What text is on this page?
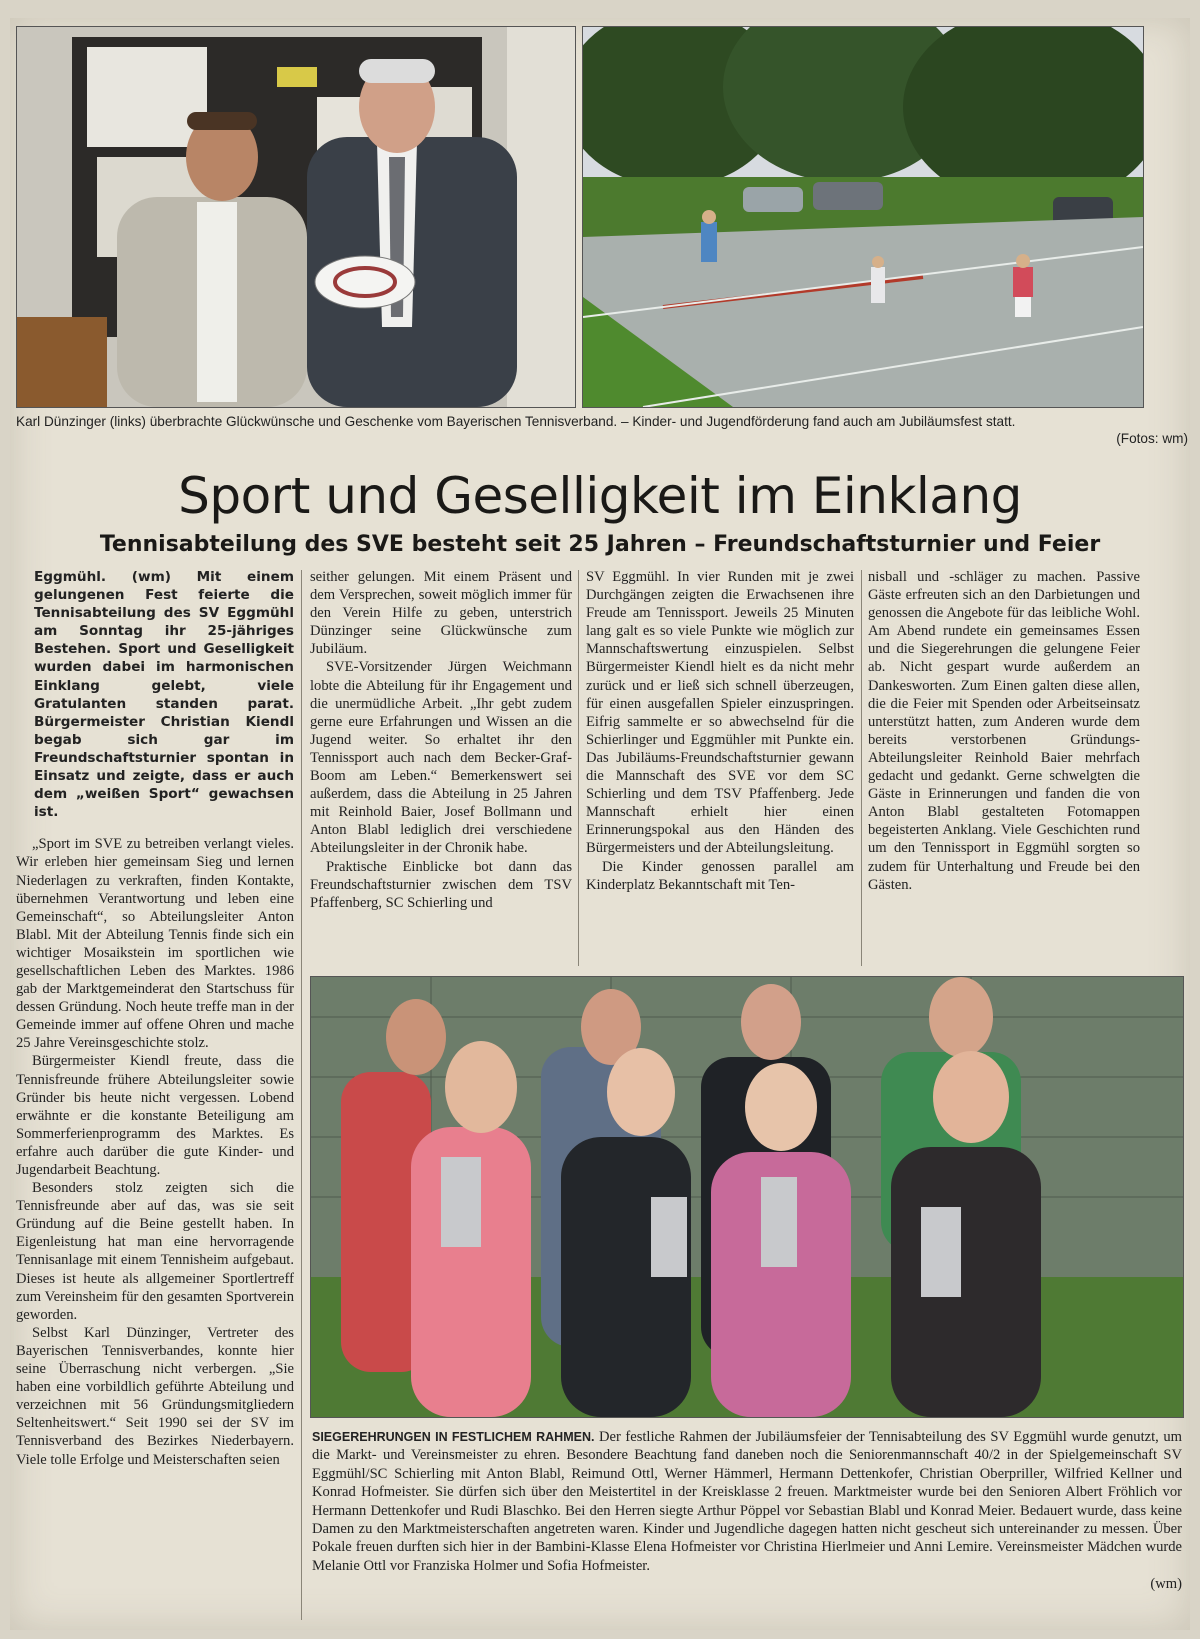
Karl Dünzinger (links) überbrachte Glückwünsche und Geschenke vom Bayerischen Tennisverband. – Kinder- und Jugendförderung fand auch am Jubiläumsfest statt.
(Fotos: wm)
Sport und Geselligkeit im Einklang
Tennisabteilung des SVE besteht seit 25 Jahren – Freundschaftsturnier und Feier

Eggmühl. (wm) Mit einem gelungenen Fest feierte die Tennisabteilung des SV Eggmühl am Sonntag ihr 25-jähriges Bestehen. Sport und Geselligkeit wurden dabei im harmonischen Einklang gelebt, viele Gratulanten standen parat. Bürgermeister Christian Kiendl begab sich gar im Freundschaftsturnier spontan in Einsatz und zeigte, dass er auch dem „weißen Sport“ gewachsen ist.

„Sport im SVE zu betreiben verlangt vieles. Wir erleben hier gemeinsam Sieg und lernen Niederlagen zu verkraften, finden Kontakte, übernehmen Verantwortung und leben eine Gemeinschaft“, so Abteilungsleiter Anton Blabl. Mit der Abteilung Tennis finde sich ein wichtiger Mosaikstein im sportlichen wie gesellschaftlichen Leben des Marktes. 1986 gab der Marktgemeinderat den Startschuss für dessen Gründung. Noch heute treffe man in der Gemeinde immer auf offene Ohren und mache 25 Jahre Vereinsgeschichte stolz.

Bürgermeister Kiendl freute, dass die Tennisfreunde frühere Abteilungsleiter sowie Gründer bis heute nicht vergessen. Lobend erwähnte er die konstante Beteiligung am Sommerferienprogramm des Marktes. Es erfahre auch darüber die gute Kinder- und Jugendarbeit Beachtung.

Besonders stolz zeigten sich die Tennisfreunde aber auf das, was sie seit Gründung auf die Beine gestellt haben. In Eigenleistung hat man eine hervorragende Tennisanlage mit einem Tennisheim aufgebaut. Dieses ist heute als allgemeiner Sportlertreff zum Vereinsheim für den gesamten Sportverein geworden.

Selbst Karl Dünzinger, Vertreter des Bayerischen Tennisverbandes, konnte hier seine Überraschung nicht verbergen. „Sie haben eine vorbildlich geführte Abteilung und verzeichnen mit 56 Gründungsmitgliedern Seltenheitswert.“ Seit 1990 sei der SV im Tennisverband des Bezirkes Niederbayern. Viele tolle Erfolge und Meisterschaften seien

seither gelungen. Mit einem Präsent und dem Versprechen, soweit möglich immer für den Verein Hilfe zu geben, unterstrich Dünzinger seine Glückwünsche zum Jubiläum.

SVE-Vorsitzender Jürgen Weichmann lobte die Abteilung für ihr Engagement und die unermüdliche Arbeit. „Ihr gebt zudem gerne eure Erfahrungen und Wissen an die Jugend weiter. So erhaltet ihr den Tennissport auch nach dem Becker-Graf-Boom am Leben.“ Bemerkenswert sei außerdem, dass die Abteilung in 25 Jahren mit Reinhold Baier, Josef Bollmann und Anton Blabl lediglich drei verschiedene Abteilungsleiter in der Chronik habe.

Praktische Einblicke bot dann das Freundschaftsturnier zwischen dem TSV Pfaffenberg, SC Schierling und

SV Eggmühl. In vier Runden mit je zwei Durchgängen zeigten die Erwachsenen ihre Freude am Tennissport. Jeweils 25 Minuten lang galt es so viele Punkte wie möglich zur Mannschaftswertung einzuspielen. Selbst Bürgermeister Kiendl hielt es da nicht mehr zurück und er ließ sich schnell überzeugen, für einen ausgefallen Spieler einzuspringen. Eifrig sammelte er so abwechselnd für die Schierlinger und Eggmühler mit Punkte ein. Das Jubiläums-Freundschaftsturnier gewann die Mannschaft des SVE vor dem SC Schierling und dem TSV Pfaffenberg. Jede Mannschaft erhielt hier einen Erinnerungspokal aus den Händen des Bürgermeisters und der Abteilungsleitung.

Die Kinder genossen parallel am Kinderplatz Bekanntschaft mit Ten-

nisball und -schläger zu machen. Passive Gäste erfreuten sich an den Darbietungen und genossen die Angebote für das leibliche Wohl. Am Abend rundete ein gemeinsames Essen und die Siegerehrungen die gelungene Feier ab. Nicht gespart wurde außerdem an Dankesworten. Zum Einen galten diese allen, die die Feier mit Spenden oder Arbeitseinsatz unterstützt hatten, zum Anderen wurde dem bereits verstorbenen Gründungs-Abteilungsleiter Reinhold Baier mehrfach gedacht und gedankt. Gerne schwelgten die Gäste in Erinnerungen und fanden die von Anton Blabl gestalteten Fotomappen begeisterten Anklang. Viele Geschichten rund um den Tennissport in Eggmühl sorgten so zudem für Unterhaltung und Freude bei den Gästen.

SIEGEREHRUNGEN IN FESTLICHEM RAHMEN. Der festliche Rahmen der Jubiläumsfeier der Tennisabteilung des SV Eggmühl wurde genutzt, um die Markt- und Vereinsmeister zu ehren. Besondere Beachtung fand daneben noch die Seniorenmannschaft 40/2 in der Spielgemeinschaft SV Eggmühl/SC Schierling mit Anton Blabl, Reimund Ottl, Werner Hämmerl, Hermann Dettenkofer, Christian Oberpriller, Wilfried Kellner und Konrad Hofmeister. Sie dürfen sich über den Meistertitel in der Kreisklasse 2 freuen. Marktmeister wurde bei den Senioren Albert Fröhlich vor Hermann Dettenkofer und Rudi Blaschko. Bei den Herren siegte Arthur Pöppel vor Sebastian Blabl und Konrad Meier. Bedauert wurde, dass keine Damen zu den Marktmeisterschaften angetreten waren. Kinder und Jugendliche dagegen hatten nicht gescheut sich untereinander zu messen. Über Pokale freuen durften sich hier in der Bambini-Klasse Elena Hofmeister vor Christina Hierlmeier und Anni Lemire. Vereinsmeister Mädchen wurde Melanie Ottl vor Franziska Holmer und Sofia Hofmeister.
(wm)
